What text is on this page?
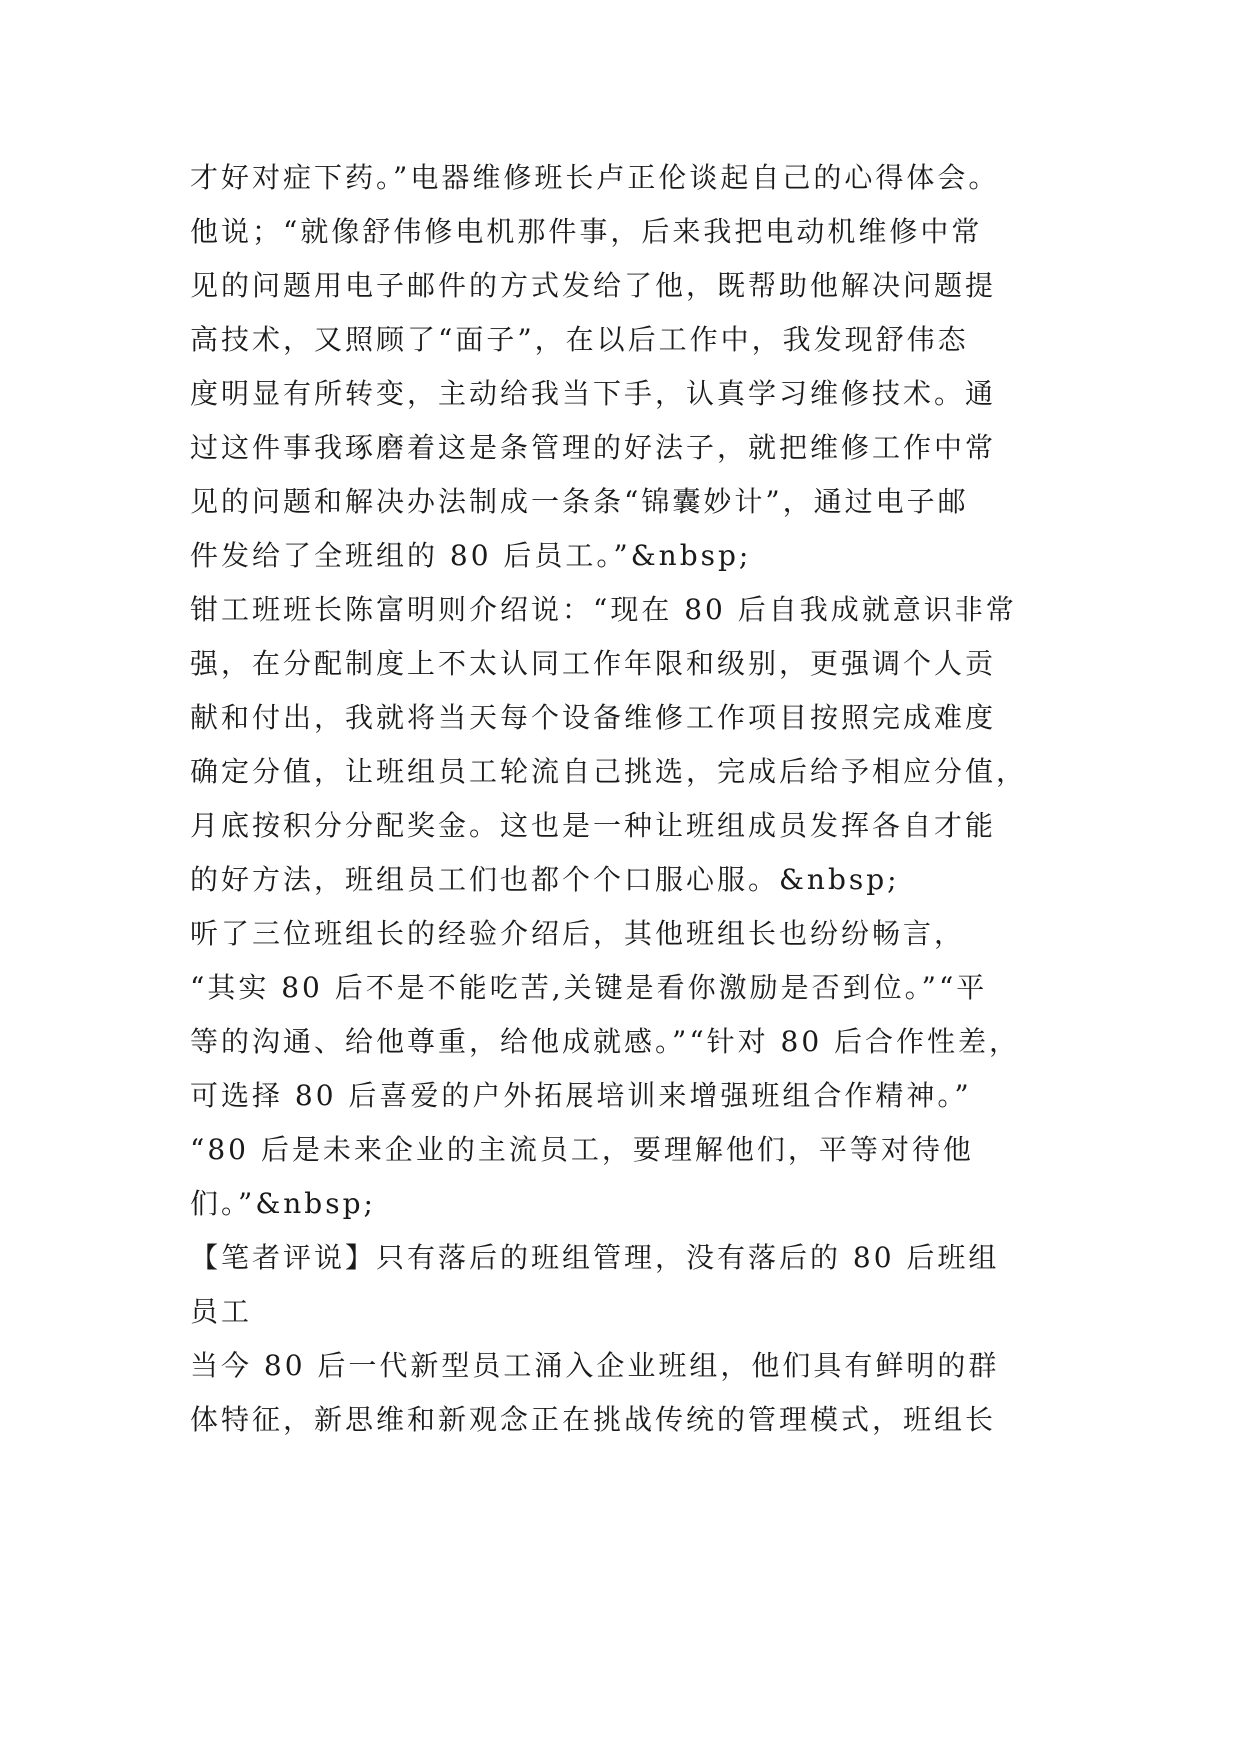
才好对症下药。”电器维修班长卢正伦谈起自己的心得体会。
他说；“就像舒伟修电机那件事，后来我把电动机维修中常
见的问题用电子邮件的方式发给了他，既帮助他解决问题提
高技术，又照顾了“面子”，在以后工作中，我发现舒伟态
度明显有所转变，主动给我当下手，认真学习维修技术。通
过这件事我琢磨着这是条管理的好法子，就把维修工作中常
见的问题和解决办法制成一条条“锦囊妙计”，通过电子邮
件发给了全班组的 80 后员工。”&nbsp;
钳工班班长陈富明则介绍说：“现在 80 后自我成就意识非常
强，在分配制度上不太认同工作年限和级别，更强调个人贡
献和付出，我就将当天每个设备维修工作项目按照完成难度
确定分值，让班组员工轮流自己挑选，完成后给予相应分值，
月底按积分分配奖金。这也是一种让班组成员发挥各自才能
的好方法，班组员工们也都个个口服心服。&nbsp;
听了三位班组长的经验介绍后，其他班组长也纷纷畅言，
“其实 80 后不是不能吃苦,关键是看你激励是否到位。”“平
等的沟通、给他尊重，给他成就感。”“针对 80 后合作性差，
可选择 80 后喜爱的户外拓展培训来增强班组合作精神。”
“80 后是未来企业的主流员工，要理解他们，平等对待他
们。”&nbsp;
【笔者评说】只有落后的班组管理，没有落后的 80 后班组
员工
当今 80 后一代新型员工涌入企业班组，他们具有鲜明的群
体特征，新思维和新观念正在挑战传统的管理模式，班组长
